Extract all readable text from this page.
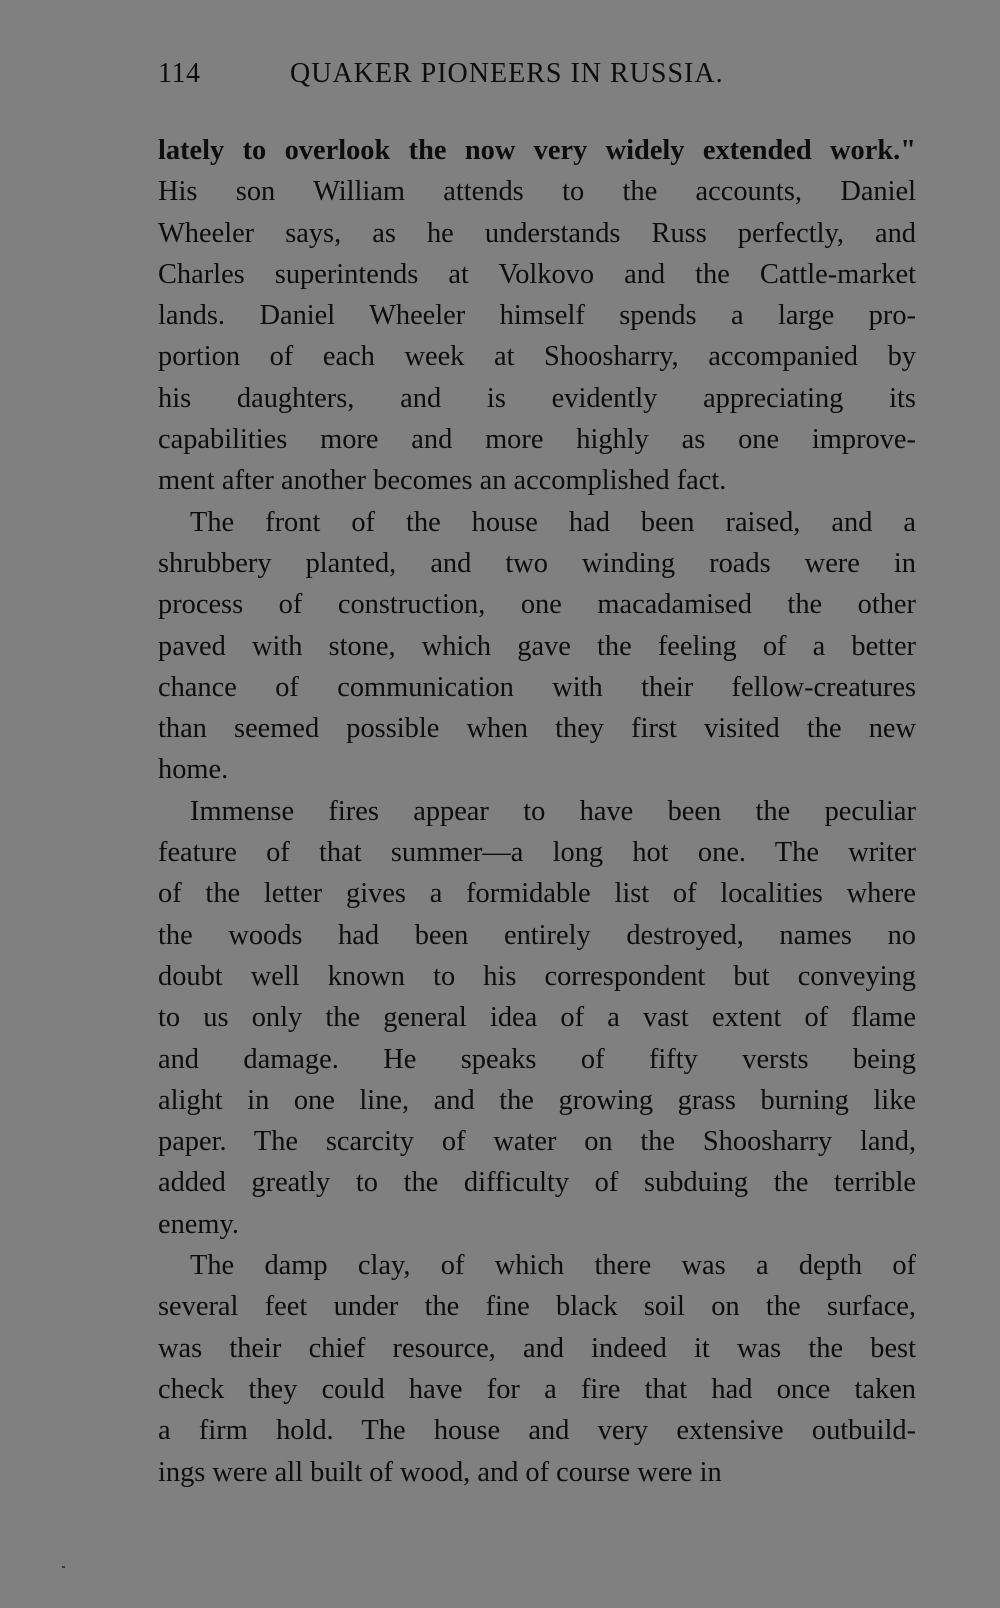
114	QUAKER PIONEERS IN RUSSIA.

lately to overlook the now very widely extended work."
His son William attends to the accounts, Daniel
Wheeler says, as he understands Russ perfectly, and
Charles superintends at Volkovo and the Cattle-market
lands. Daniel Wheeler himself spends a large pro-
portion of each week at Shoosharry, accompanied by
his daughters, and is evidently appreciating its
capabilities more and more highly as one improve-
ment after another becomes an accomplished fact.

The front of the house had been raised, and a
shrubbery planted, and two winding roads were in
process of construction, one macadamised the other
paved with stone, which gave the feeling of a better
chance of communication with their fellow-creatures
than seemed possible when they first visited the new
home.

Immense fires appear to have been the peculiar
feature of that summer—a long hot one. The writer
of the letter gives a formidable list of localities where
the woods had been entirely destroyed, names no
doubt well known to his correspondent but conveying
to us only the general idea of a vast extent of flame
and damage. He speaks of fifty versts being
alight in one line, and the growing grass burning like
paper. The scarcity of water on the Shoosharry land,
added greatly to the difficulty of subduing the terrible
enemy.

The damp clay, of which there was a depth of
several feet under the fine black soil on the surface,
was their chief resource, and indeed it was the best
check they could have for a fire that had once taken
a firm hold. The house and very extensive outbuild-
ings were all built of wood, and of course were in
